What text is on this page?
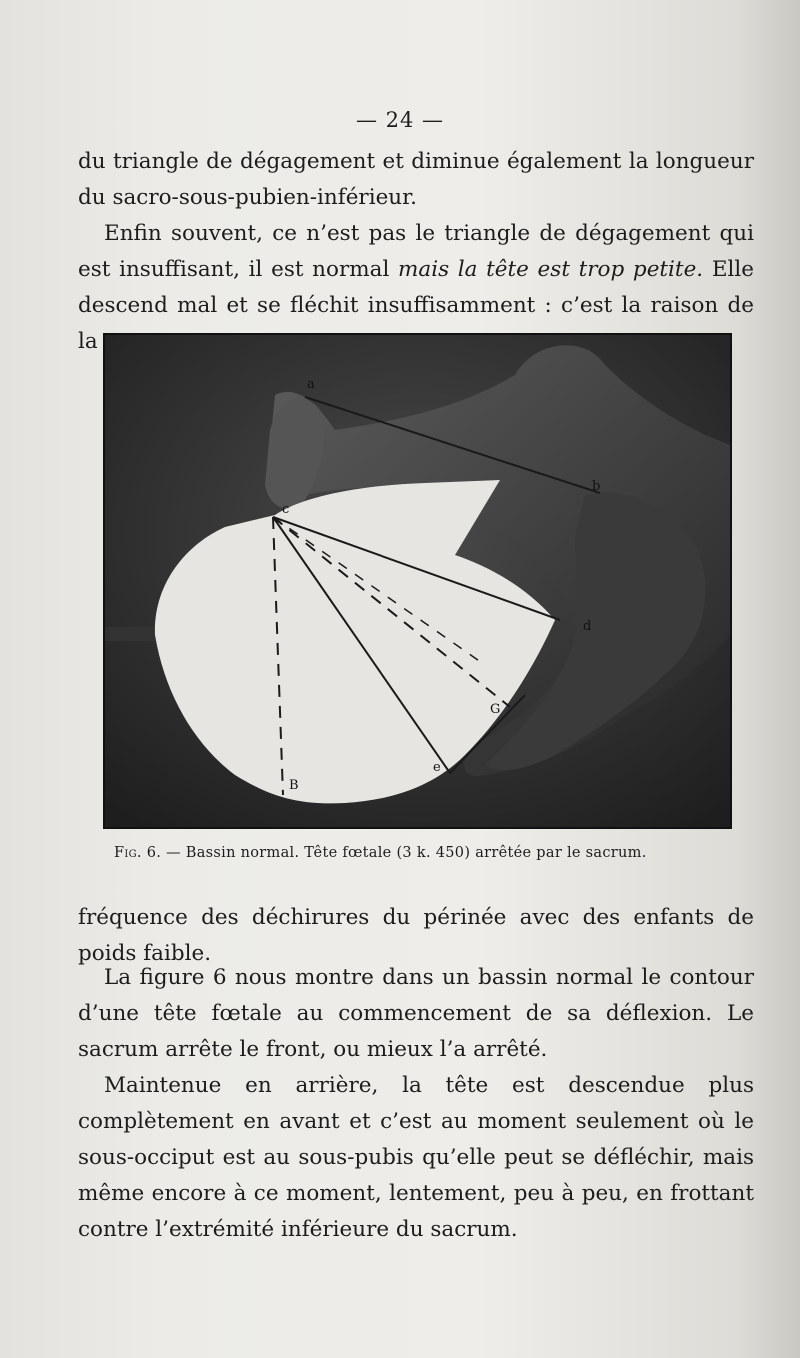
— 24 —

du triangle de dégagement et diminue également la longueur du sacro-sous-pubien-inférieur.

Enfin souvent, ce n’est pas le triangle de dégagement qui est insuffisant, il est normal mais la tête est trop petite. Elle descend mal et se fléchit insuffisamment : c’est la raison de la

a
b
c
d
e
G
B
Fig. 6. — Bassin normal. Tête fœtale (3 k. 450) arrêtée par le sacrum.

fréquence des déchirures du périnée avec des enfants de poids faible.

La figure 6 nous montre dans un bassin normal le contour d’une tête fœtale au commencement de sa déflexion. Le sacrum arrête le front, ou mieux l’a arrêté.

Maintenue en arrière, la tête est descendue plus complètement en avant et c’est au moment seulement où le sous-occiput est au sous-pubis qu’elle peut se défléchir, mais même encore à ce moment, lentement, peu à peu, en frottant contre l’extrémité inférieure du sacrum.
